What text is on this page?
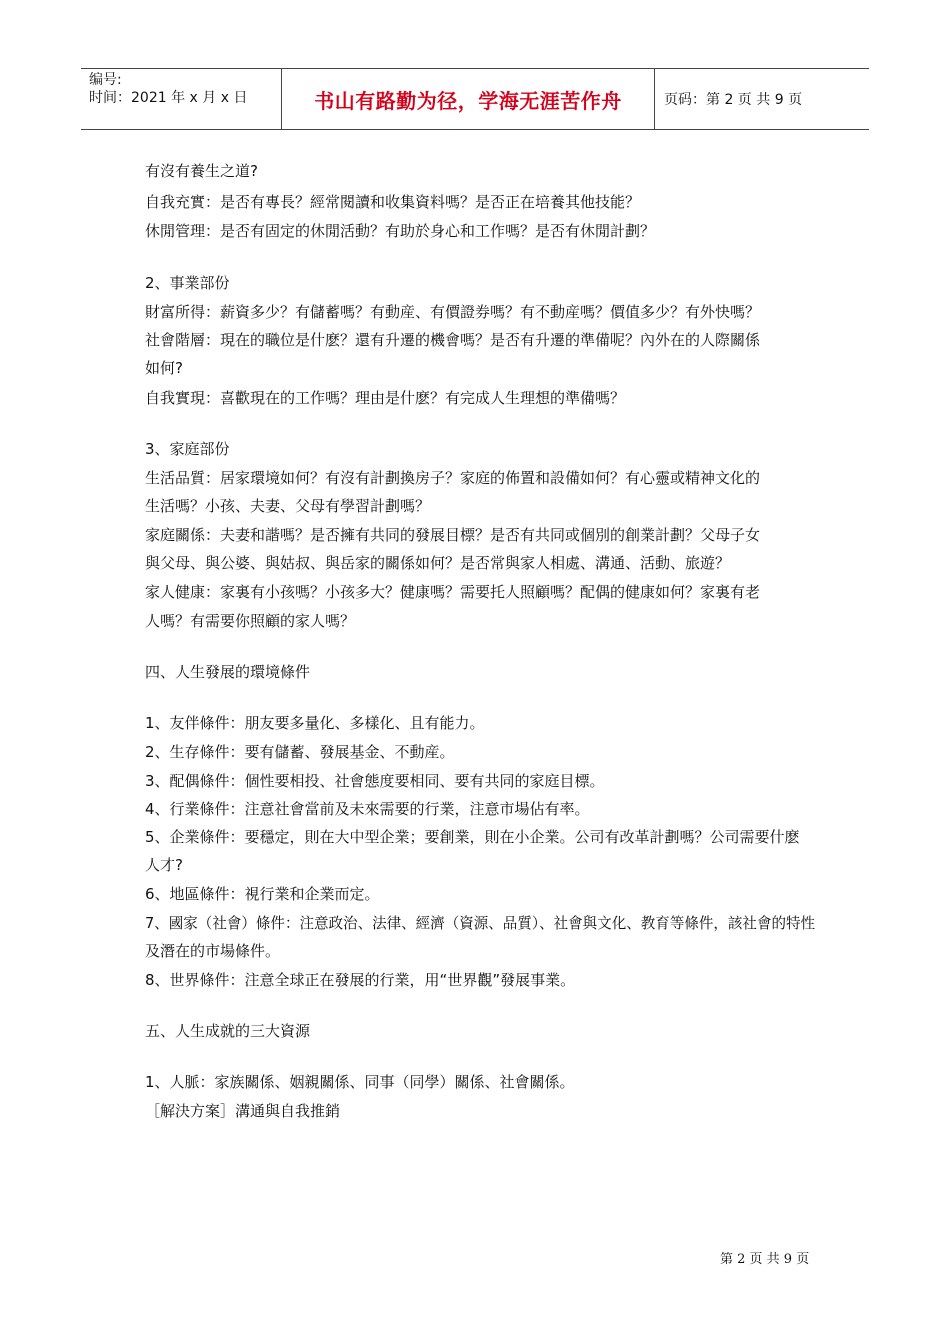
编号:
时间：2021 年 x 月 x 日	书山有路勤为径，学海无涯苦作舟	页码：第 2 页 共 9 页
有沒有養生之道?
自我充實：是否有專長？經常閱讀和收集資料嗎？是否正在培養其他技能？
休閒管理：是否有固定的休閒活動？有助於身心和工作嗎？是否有休閒計劃？
2、事業部份
財富所得：薪資多少？有儲蓄嗎？有動産、有價證券嗎？有不動産嗎？價值多少？有外快嗎？
社會階層：現在的職位是什麽？還有升遷的機會嗎？是否有升遷的準備呢？內外在的人際關係
如何?
自我實現：喜歡現在的工作嗎？理由是什麽？有完成人生理想的準備嗎？
3、家庭部份
生活品質：居家環境如何？有沒有計劃換房子？家庭的佈置和設備如何？有心靈或精神文化的
生活嗎？小孩、夫妻、父母有學習計劃嗎？
家庭關係：夫妻和諧嗎？是否擁有共同的發展目標？是否有共同或個別的創業計劃？父母子女
與父母、與公婆、與姑叔、與岳家的關係如何？是否常與家人相處、溝通、活動、旅遊？
家人健康：家裏有小孩嗎？小孩多大？健康嗎？需要托人照顧嗎？配偶的健康如何？家裏有老
人嗎？有需要你照顧的家人嗎？
四、人生發展的環境條件
1、友伴條件：朋友要多量化、多樣化、且有能力。
2、生存條件：要有儲蓄、發展基金、不動産。
3、配偶條件：個性要相投、社會態度要相同、要有共同的家庭目標。
4、行業條件：注意社會當前及未來需要的行業，注意市場佔有率。
5、企業條件：要穩定，則在大中型企業；要創業，則在小企業。公司有改革計劃嗎？公司需要什麽
人才?
6、地區條件：視行業和企業而定。
7、國家（社會）條件：注意政治、法律、經濟（資源、品質）、社會與文化、教育等條件，該社會的特性
及潛在的市場條件。
8、世界條件：注意全球正在發展的行業，用“世界觀”發展事業。
五、人生成就的三大資源
1、人脈：家族關係、姻親關係、同事（同學）關係、社會關係。
［解決方案］溝通與自我推銷
第 2 页 共 9 页
